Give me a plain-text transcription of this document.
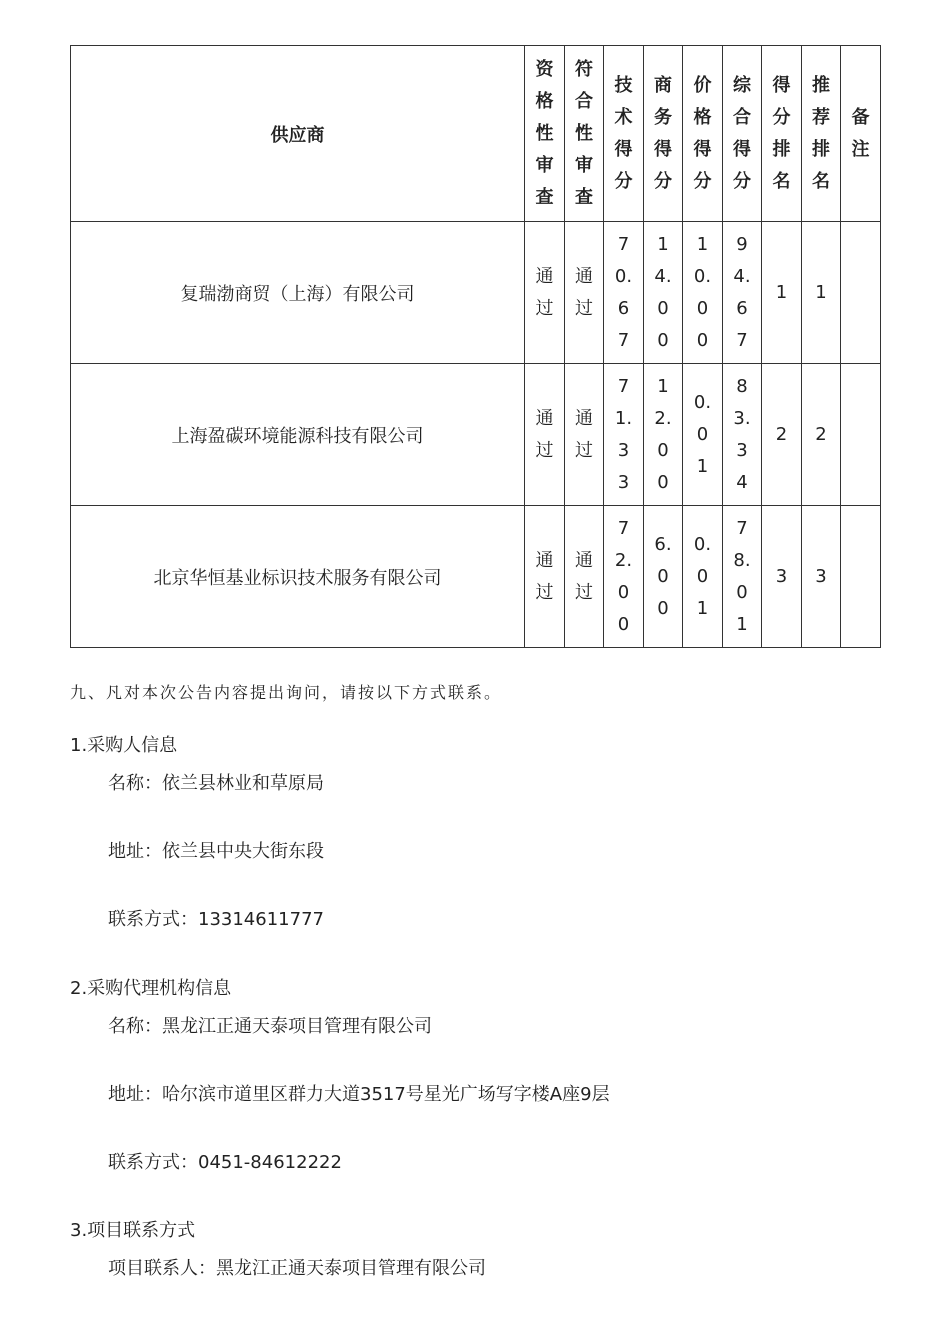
供应商	资格性审查	符合性审查	技术得分	商务得分	价格得分	综合得分	得分排名	推荐排名	备注
复瑞渤商贸（上海）有限公司	通过	通过	70.67	14.00	10.00	94.67	1	1	
上海盈碳环境能源科技有限公司	通过	通过	71.33	12.00	0.01	83.34	2	2	
北京华恒基业标识技术服务有限公司	通过	通过	72.00	6.00	0.01	78.01	3	3	
九、凡对本次公告内容提出询问，请按以下方式联系。
1.采购人信息
名称：依兰县林业和草原局
地址：依兰县中央大街东段
联系方式：13314611777
2.采购代理机构信息
名称：黑龙江正通天泰项目管理有限公司
地址：哈尔滨市道里区群力大道3517号星光广场写字楼A座9层
联系方式：0451-84612222
3.项目联系方式
项目联系人：黑龙江正通天泰项目管理有限公司
